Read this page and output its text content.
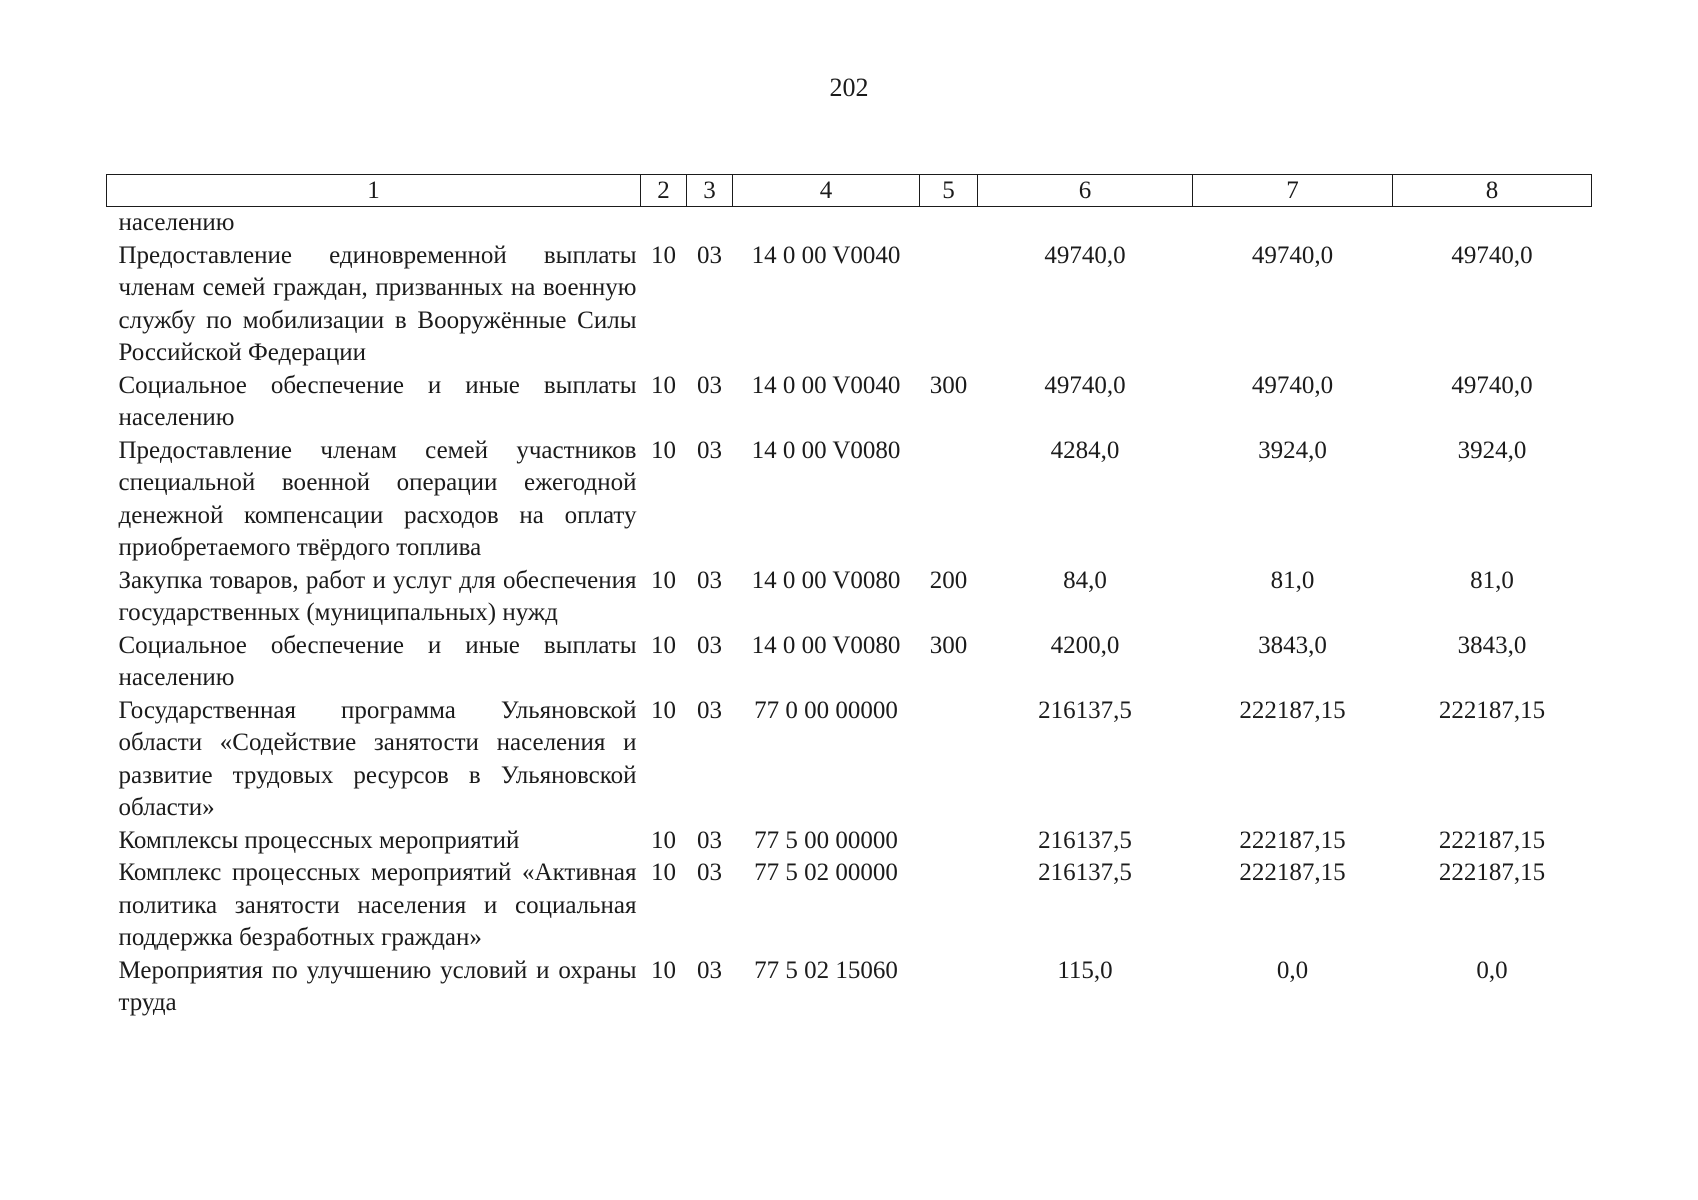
202
1	2	3	4	5	6	7	8
населению							
Предоставление единовременной выплаты членам семей граждан, призванных на военную службу по мобилизации в Вооружённые Силы Российской Федерации	10	03	14 0 00 V0040		49740,0	49740,0	49740,0
Социальное обеспечение и иные выплаты населению	10	03	14 0 00 V0040	300	49740,0	49740,0	49740,0
Предоставление членам семей участников специальной военной операции ежегодной денежной компенсации расходов на оплату приобретаемого твёрдого топлива	10	03	14 0 00 V0080		4284,0	3924,0	3924,0
Закупка товаров, работ и услуг для обеспечения государственных (муниципальных) нужд	10	03	14 0 00 V0080	200	84,0	81,0	81,0
Социальное обеспечение и иные выплаты населению	10	03	14 0 00 V0080	300	4200,0	3843,0	3843,0
Государственная программа Ульяновской области «Содействие занятости населения и развитие трудовых ресурсов в Ульяновской области»	10	03	77 0 00 00000		216137,5	222187,15	222187,15
Комплексы процессных мероприятий	10	03	77 5 00 00000		216137,5	222187,15	222187,15
Комплекс процессных мероприятий «Активная политика занятости населения и социальная поддержка безработных граждан»	10	03	77 5 02 00000		216137,5	222187,15	222187,15
Мероприятия по улучшению условий и охраны труда	10	03	77 5 02 15060		115,0	0,0	0,0
